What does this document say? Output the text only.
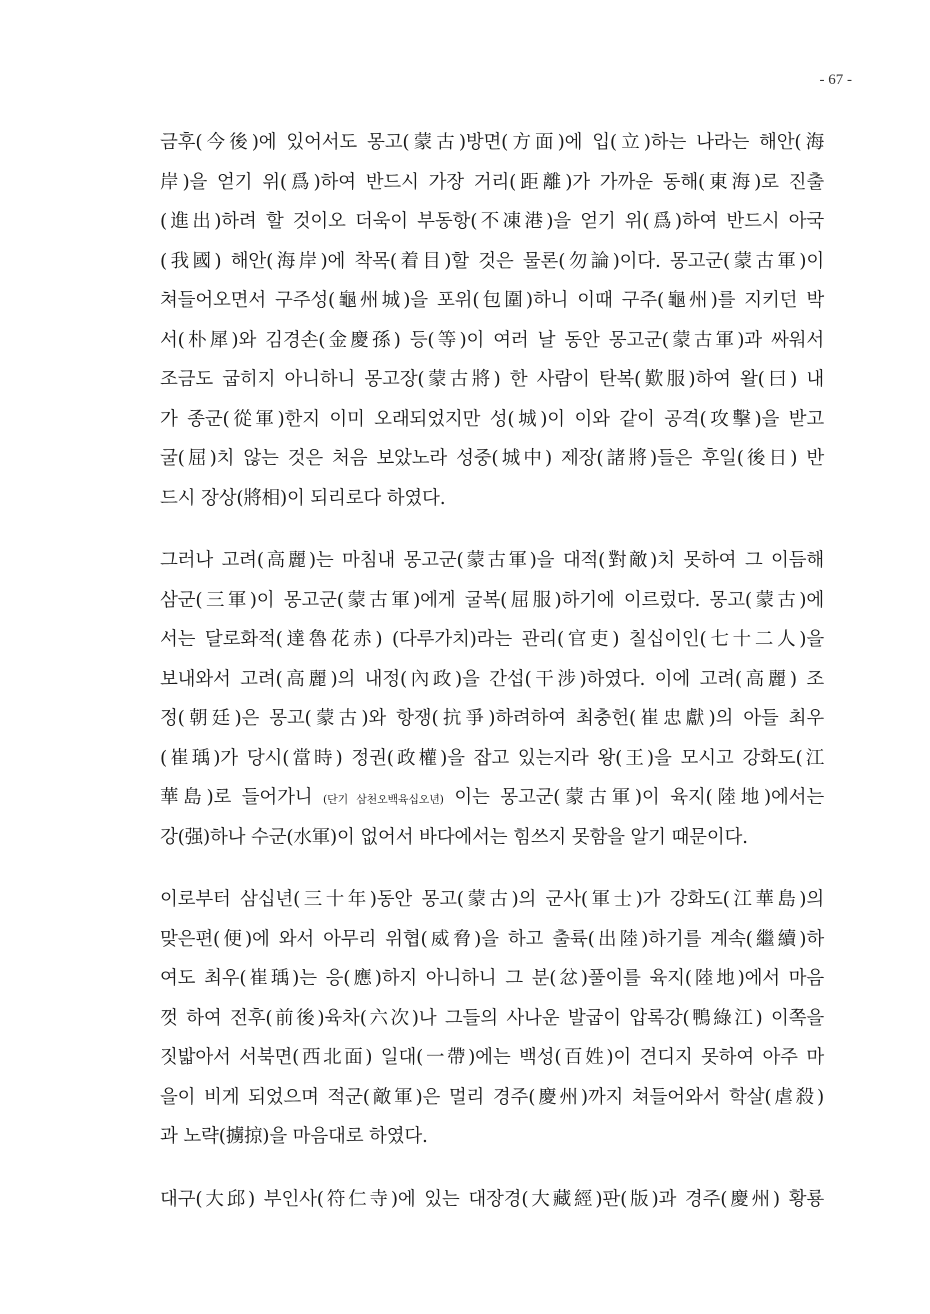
- 67 -
금후(今後)에 있어서도 몽고(蒙古)방면(方面)에 입(立)하는 나라는 해안(海
岸)을 얻기 위(爲)하여 반드시 가장 거리(距離)가 가까운 동해(東海)로 진출
(進出)하려 할 것이오 더욱이 부동항(不凍港)을 얻기 위(爲)하여 반드시 아국
(我國) 해안(海岸)에 착목(着目)할 것은 물론(勿論)이다. 몽고군(蒙古軍)이
쳐들어오면서 구주성(龜州城)을 포위(包圍)하니 이때 구주(龜州)를 지키던 박
서(朴犀)와 김경손(金慶孫) 등(等)이 여러 날 동안 몽고군(蒙古軍)과 싸워서
조금도 굽히지 아니하니 몽고장(蒙古將) 한 사람이 탄복(歎服)하여 왈(曰) 내
가 종군(從軍)한지 이미 오래되었지만 성(城)이 이와 같이 공격(攻擊)을 받고
굴(屈)치 않는 것은 처음 보았노라 성중(城中) 제장(諸將)들은 후일(後日) 반
드시 장상(將相)이 되리로다 하였다.
그러나 고려(高麗)는 마침내 몽고군(蒙古軍)을 대적(對敵)치 못하여 그 이듬해
삼군(三軍)이 몽고군(蒙古軍)에게 굴복(屈服)하기에 이르렀다. 몽고(蒙古)에
서는 달로화적(達魯花赤) (다루가치)라는 관리(官吏) 칠십이인(七十二人)을
보내와서 고려(高麗)의 내정(內政)을 간섭(干涉)하였다. 이에 고려(高麗) 조
정(朝廷)은 몽고(蒙古)와 항쟁(抗爭)하려하여 최충헌(崔忠獻)의 아들 최우
(崔瑀)가 당시(當時) 정권(政權)을 잡고 있는지라 왕(王)을 모시고 강화도(江
華島)로 들어가니 (단기 삼천오백육십오년) 이는 몽고군(蒙古軍)이 육지(陸地)에서는
강(强)하나 수군(水軍)이 없어서 바다에서는 힘쓰지 못함을 알기 때문이다.
이로부터 삼십년(三十年)동안 몽고(蒙古)의 군사(軍士)가 강화도(江華島)의
맞은편(便)에 와서 아무리 위협(威脅)을 하고 출륙(出陸)하기를 계속(繼續)하
여도 최우(崔瑀)는 응(應)하지 아니하니 그 분(忿)풀이를 육지(陸地)에서 마음
껏 하여 전후(前後)육차(六次)나 그들의 사나운 발굽이 압록강(鴨綠江) 이쪽을
짓밟아서 서북면(西北面) 일대(一帶)에는 백성(百姓)이 견디지 못하여 아주 마
을이 비게 되었으며 적군(敵軍)은 멀리 경주(慶州)까지 쳐들어와서 학살(虐殺)
과 노략(擄掠)을 마음대로 하였다.
대구(大邱) 부인사(符仁寺)에 있는 대장경(大藏經)판(版)과 경주(慶州) 황룡
